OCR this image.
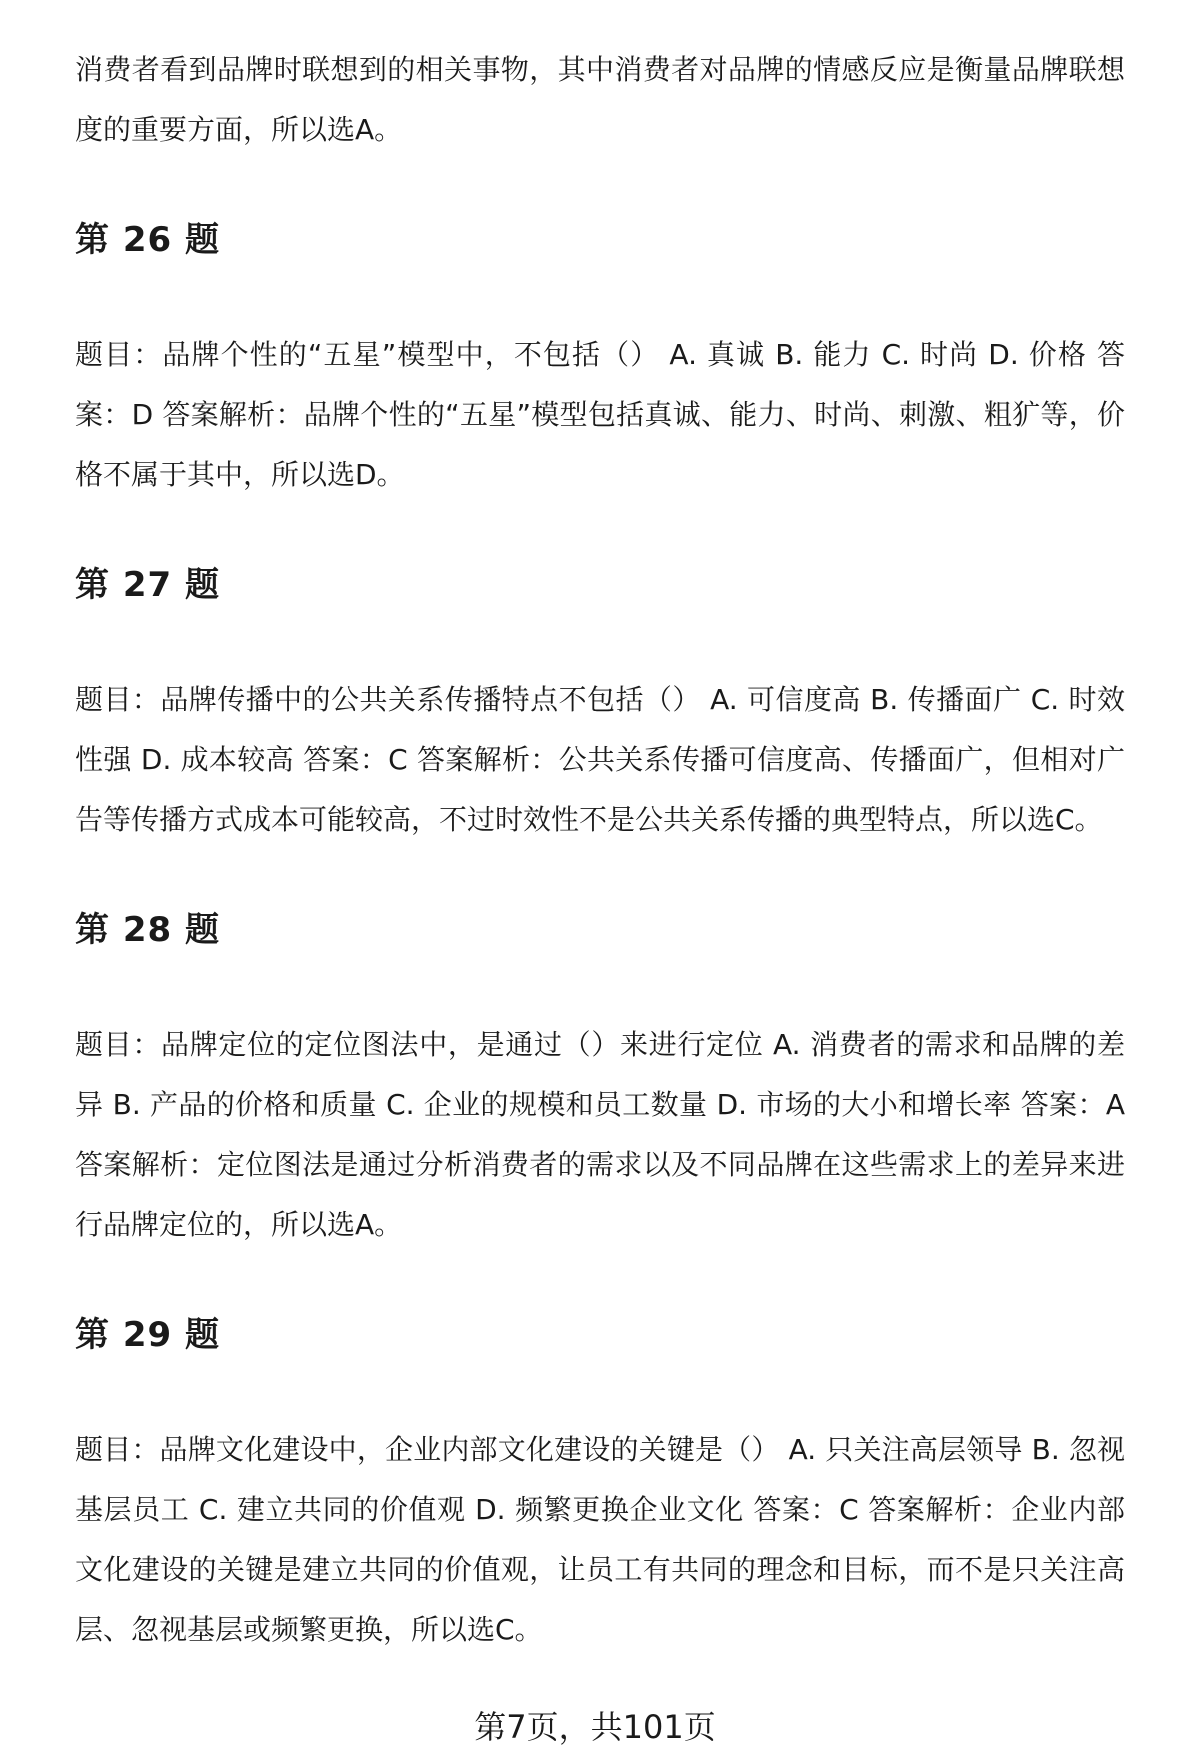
消费者看到品牌时联想到的相关事物，其中消费者对品牌的情感反应是衡量品牌联想度的重要方面，所以选A。

第 26 题

题目：品牌个性的“五星”模型中，不包括（） A. 真诚 B. 能力 C. 时尚 D. 价格 答案：D 答案解析：品牌个性的“五星”模型包括真诚、能力、时尚、刺激、粗犷等，价格不属于其中，所以选D。

第 27 题

题目：品牌传播中的公共关系传播特点不包括（） A. 可信度高 B. 传播面广 C. 时效性强 D. 成本较高 答案：C 答案解析：公共关系传播可信度高、传播面广，但相对广告等传播方式成本可能较高，不过时效性不是公共关系传播的典型特点，所以选C。

第 28 题

题目：品牌定位的定位图法中，是通过（）来进行定位 A. 消费者的需求和品牌的差异 B. 产品的价格和质量 C. 企业的规模和员工数量 D. 市场的大小和增长率 答案：A 答案解析：定位图法是通过分析消费者的需求以及不同品牌在这些需求上的差异来进行品牌定位的，所以选A。

第 29 题

题目：品牌文化建设中，企业内部文化建设的关键是（） A. 只关注高层领导 B. 忽视基层员工 C. 建立共同的价值观 D. 频繁更换企业文化 答案：C 答案解析：企业内部文化建设的关键是建立共同的价值观，让员工有共同的理念和目标，而不是只关注高层、忽视基层或频繁更换，所以选C。

第7页，共101页
